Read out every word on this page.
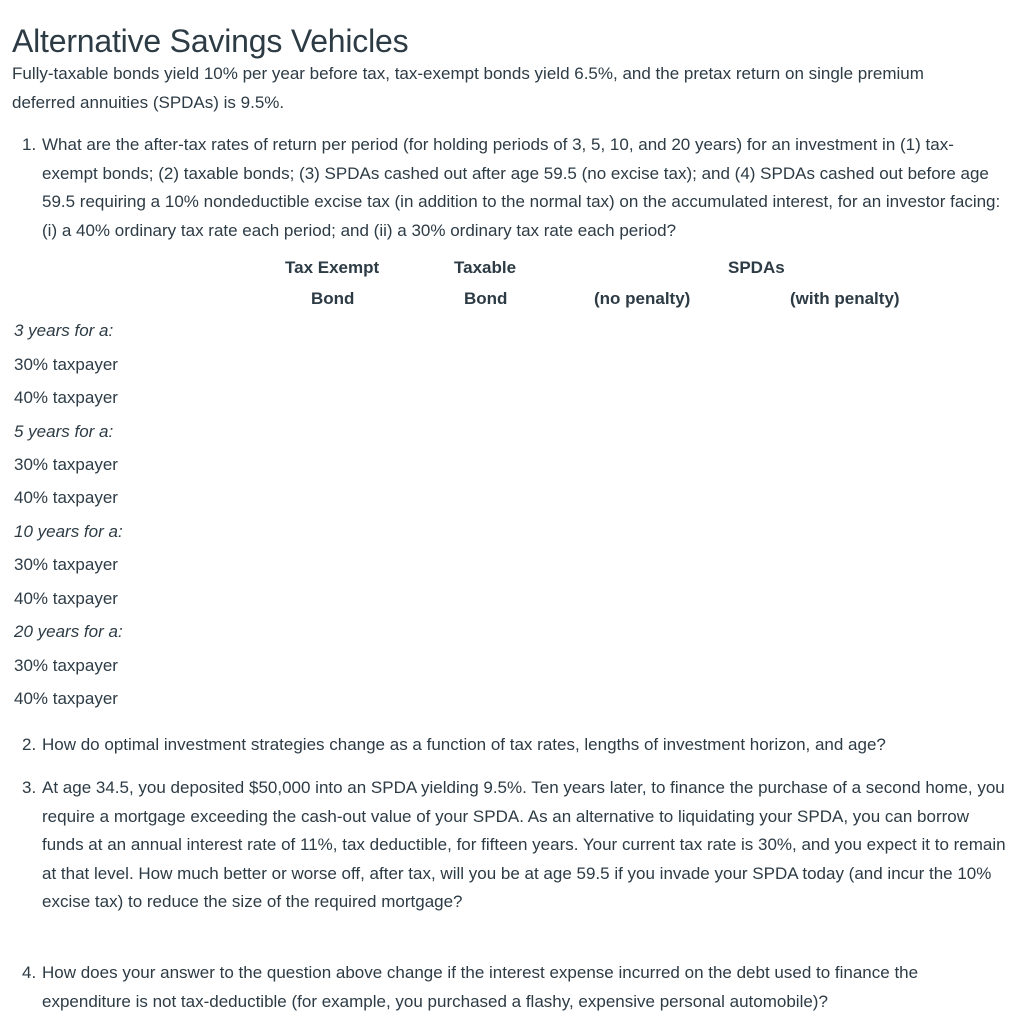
Alternative Savings Vehicles

Fully-taxable bonds yield 10% per year before tax, tax-exempt bonds yield 6.5%, and the pretax return on single premium deferred annuities (SPDAs) is 9.5%.

1. What are the after-tax rates of return per period (for holding periods of 3, 5, 10, and 20 years) for an investment in (1) tax-exempt bonds; (2) taxable bonds; (3) SPDAs cashed out after age 59.5 (no excise tax); and (4) SPDAs cashed out before age 59.5 requiring a 10% nondeductible excise tax (in addition to the normal tax) on the accumulated interest, for an investor facing: (i) a 40% ordinary tax rate each period; and (ii) a 30% ordinary tax rate each period?
Tax Exempt	Taxable	SPDAs
Bond	Bond	(no penalty)	(with penalty)
3 years for a:
30% taxpayer
40% taxpayer
5 years for a:
30% taxpayer
40% taxpayer
10 years for a:
30% taxpayer
40% taxpayer
20 years for a:
30% taxpayer
40% taxpayer
2. How do optimal investment strategies change as a function of tax rates, lengths of investment horizon, and age?
3. At age 34.5, you deposited $50,000 into an SPDA yielding 9.5%. Ten years later, to finance the purchase of a second home, you require a mortgage exceeding the cash-out value of your SPDA. As an alternative to liquidating your SPDA, you can borrow funds at an annual interest rate of 11%, tax deductible, for fifteen years. Your current tax rate is 30%, and you expect it to remain at that level. How much better or worse off, after tax, will you be at age 59.5 if you invade your SPDA today (and incur the 10% excise tax) to reduce the size of the required mortgage?
4. How does your answer to the question above change if the interest expense incurred on the debt used to finance the expenditure is not tax-deductible (for example, you purchased a flashy, expensive personal automobile)?
